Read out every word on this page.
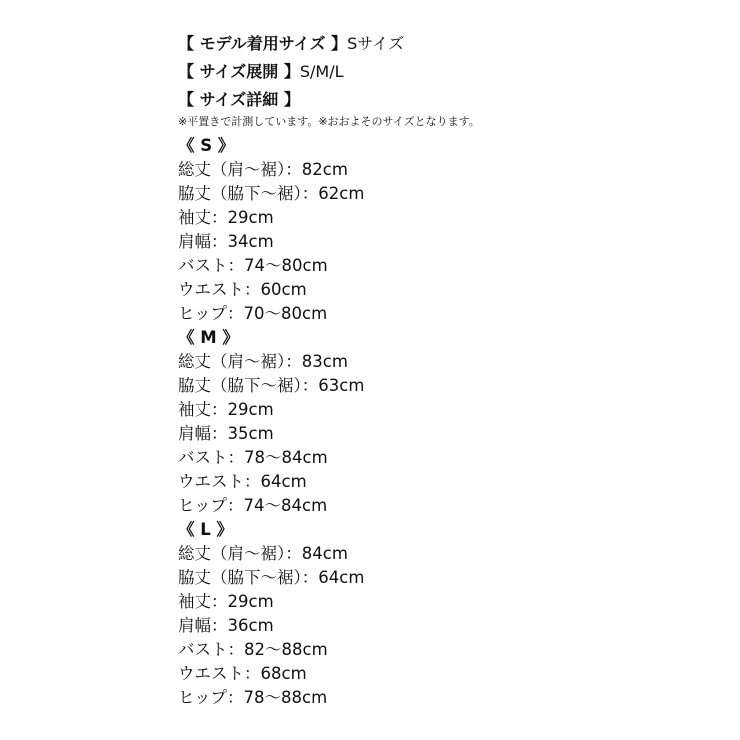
【 モデル着用サイズ 】Sサイズ
【 サイズ展開 】S/M/L
【 サイズ詳細 】
※平置きで計測しています。※おおよそのサイズとなります。
《 S 》
総丈（肩～裾）：82cm
脇丈（脇下～裾）：62cm
袖丈：29cm
肩幅：34cm
バスト：74～80cm
ウエスト：60cm
ヒップ：70～80cm
《 M 》
総丈（肩～裾）：83cm
脇丈（脇下～裾）：63cm
袖丈：29cm
肩幅：35cm
バスト：78～84cm
ウエスト：64cm
ヒップ：74～84cm
《 L 》
総丈（肩～裾）：84cm
脇丈（脇下～裾）：64cm
袖丈：29cm
肩幅：36cm
バスト：82～88cm
ウエスト：68cm
ヒップ：78～88cm
